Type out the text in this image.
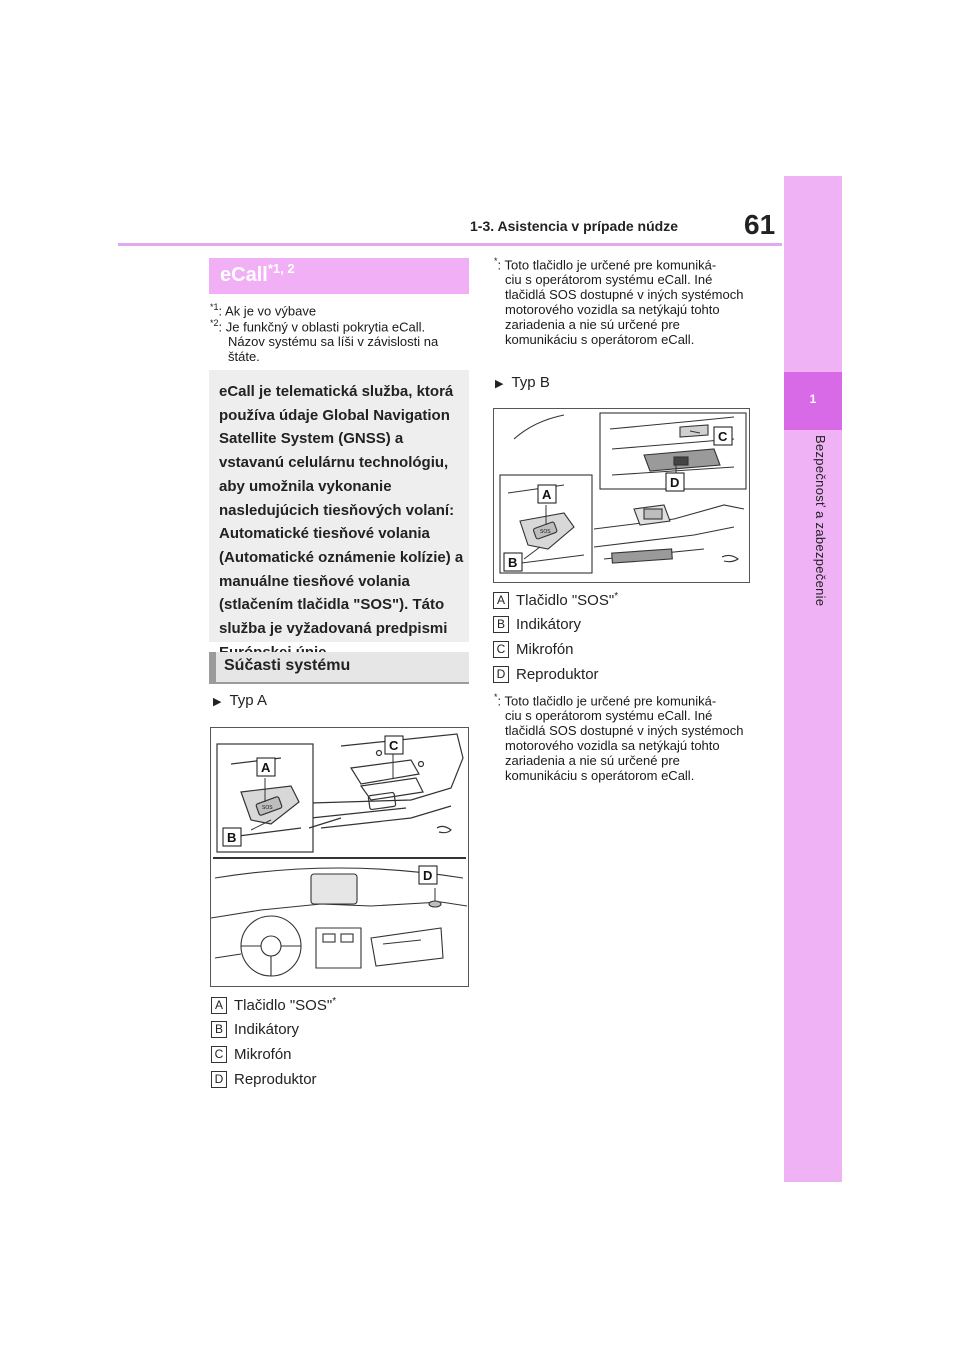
1-3. Asistencia v prípade núdze 61
1
Bezpečnosť a zabezpečenie
eCall$^{*1, 2}$
$^{*1}$: Ak je vo výbave
$^{*2}$: Je funkčný v oblasti pokrytia eCall.
Názov systému sa líši v závislosti na štáte.
eCall je telematická služba, ktorá používa údaje Global Navigation Satellite System (GNSS) a vstavanú celulárnu technológiu, aby umožnila vykonanie nasledujúcich tiesňových volaní: Automatické tiesňové volania (Automatické oznámenie kolízie) a manuálne tiesňové volania (stlačením tlačidla "SOS"). Táto služba je vyžadovaná predpismi
Súčasti systému
▶ Typ A
A
B
C
D
SOS
A Tlačidlo "SOS"*
B Indikátory
C Mikrofón
D Reproduktor
*: Toto tlačidlo je určené pre komuniká-
ciu s operátorom systému eCall. Iné tlačidlá SOS dostupné v iných systémoch motorového vozidla sa netýkajú tohto zariadenia a nie sú určené pre komunikáciu s operátorom eCall.
▶ Typ B
A
B
C
D
SOS
A Tlačidlo "SOS"*
B Indikátory
C Mikrofón
D Reproduktor
*: Toto tlačidlo je určené pre komuniká-
ciu s operátorom systému eCall. Iné tlačidlá SOS dostupné v iných systémoch motorového vozidla sa netýkajú tohto zariadenia a nie sú určené pre komunikáciu s operátorom eCall.
